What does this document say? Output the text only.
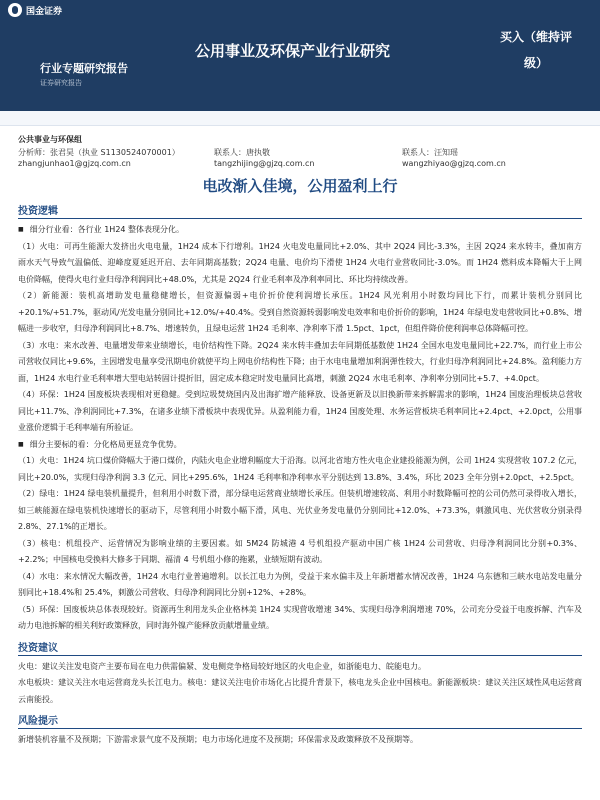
国金证券
行业专题研究报告
证券研究报告
公用事业及环保产业行业研究
买入（维持评
级）
公共事业与环保组
分析师：张君昊（执业 S1130524070001）
zhangjunhao1@gjzq.com.cn
联系人：唐执敬
tangzhijing@gjzq.com.cn
联系人：汪知瑶
wangzhiyao@gjzq.com.cn
电改渐入佳境，公用盈利上行
投资逻辑

■ 细分行业看：各行业 1H24 整体表现分化。

（1）火电：可再生能源大发挤出火电电量，1H24 成本下行增利。1H24 火电发电量同比+2.0%、其中 2Q24 同比-3.3%，主因 2Q24 来水转丰，叠加南方雨水天气导致气温偏低、迎峰度夏延迟开启、去年同期高基数；2Q24 电量、电价均下滑使 1H24 火电行业营收同比-3.0%。而 1H24 燃料成本降幅大于上网电价降幅，使得火电行业归母净利润同比+48.0%，尤其是 2Q24 行业毛利率及净利率同比、环比均持续改善。

（2）新能源：装机高增助发电量稳健增长，但资源偏弱+电价折价使利润增长承压。1H24 风光利用小时数均同比下行，而累计装机分别同比+20.1%/+51.7%，驱动风/光发电量分别同比+12.0%/+40.4%。受到自然资源转弱影响发电效率和电价折价的影响，1H24 年绿电发电营收同比+0.8%、增幅进一步收窄，归母净利润同比+8.7%、增速转负，且绿电运营 1H24 毛利率、净利率下滑 1.5pct、1pct，但组件降价使利润率总体降幅可控。

（3）水电：来水改善、电量增发带来业绩增长，电价结构性下降。2Q24 来水转丰叠加去年同期低基数使 1H24 全国水电发电量同比+22.7%，而行业上市公司营收仅同比+9.6%，主因增发电量享受汛期电价就使平均上网电价结构性下降；由于水电电量增加利润弹性较大，行业归母净利润同比+24.8%。盈利能力方面，1H24 水电行业毛利率增大型电站转固计提折旧，固定成本稳定时发电量同比高增，刺激 2Q24 水电毛利率、净利率分别同比+5.7、+4.0pct。

（4）环保：1H24 国废板块表现相对更稳健。受到垃圾焚烧国内及出海扩增产能释放、设备更新及以旧换新带来拆解需求的影响，1H24 国废治理板块总营收同比+11.7%、净利润同比+7.3%，在诸多业绩下滑板块中表现优异。从盈利能力看，1H24 国废处理、水务运营板块毛利率同比+2.4pct、+2.0pct，公用事业涨价逻辑于毛利率端有所验证。

■ 细分主要标的看：分化格局更显竞争优势。

（1）火电：1H24 坑口煤价降幅大于港口煤价，内陆火电企业增利幅度大于沿海。以河北省地方性火电企业建投能源为例，公司 1H24 实现营收 107.2 亿元，同比+20.0%，实现归母净利润 3.3 亿元、同比+295.6%，1H24 毛利率和净利率水平分别达到 13.8%、3.4%，环比 2023 全年分别+2.0pct、+2.5pct。

（2）绿电：1H24 绿电装机量提升，但利用小时数下滑，部分绿电运营商业绩增长承压。但装机增速较高、利用小时数降幅可控的公司仍然可录得收入增长，如三峡能源在绿电装机快速增长的驱动下，尽管利用小时数小幅下滑，风电、光伏业务发电量仍分别同比+12.0%、+73.3%，刺激风电、光伏营收分别录得 2.8%、27.1%的正增长。

（3）核电：机组投产、运营情况为影响业绩的主要因素。如 5M24 防城港 4 号机组投产驱动中国广核 1H24 公司营收、归母净利润同比分别+0.3%、+2.2%；中国核电受换料大修多于同期、福清 4 号机组小修的拖累，业绩短期有波动。

（4）水电：来水情况大幅改善，1H24 水电行业普遍增利。以长江电力为例，受益于来水偏丰及上年新增蓄水情况改善，1H24 乌东德和三峡水电站发电量分别同比+18.4%和 25.4%，刺激公司营收、归母净利润同比分别+12%、+28%。

（5）环保：国废板块总体表现较好。资源再生利用龙头企业格林美 1H24 实现营收增速 34%、实现归母净利润增速 70%，公司充分受益于电废拆解、汽车及动力电池拆解的相关利好政策释放，同时海外镍产能释放贡献增量业绩。

投资建议

火电：建议关注发电资产主要布局在电力供需偏紧、发电侧竞争格局较好地区的火电企业，如浙能电力、皖能电力。

水电板块：建议关注水电运营商龙头长江电力。核电：建议关注电价市场化占比提升背景下，核电龙头企业中国核电。新能源板块：建议关注区域性风电运营商云南能投。

风险提示

新增装机容量不及预期；下游需求景气度不及预期；电力市场化进度不及预期；环保需求及政策释放不及预期等。
